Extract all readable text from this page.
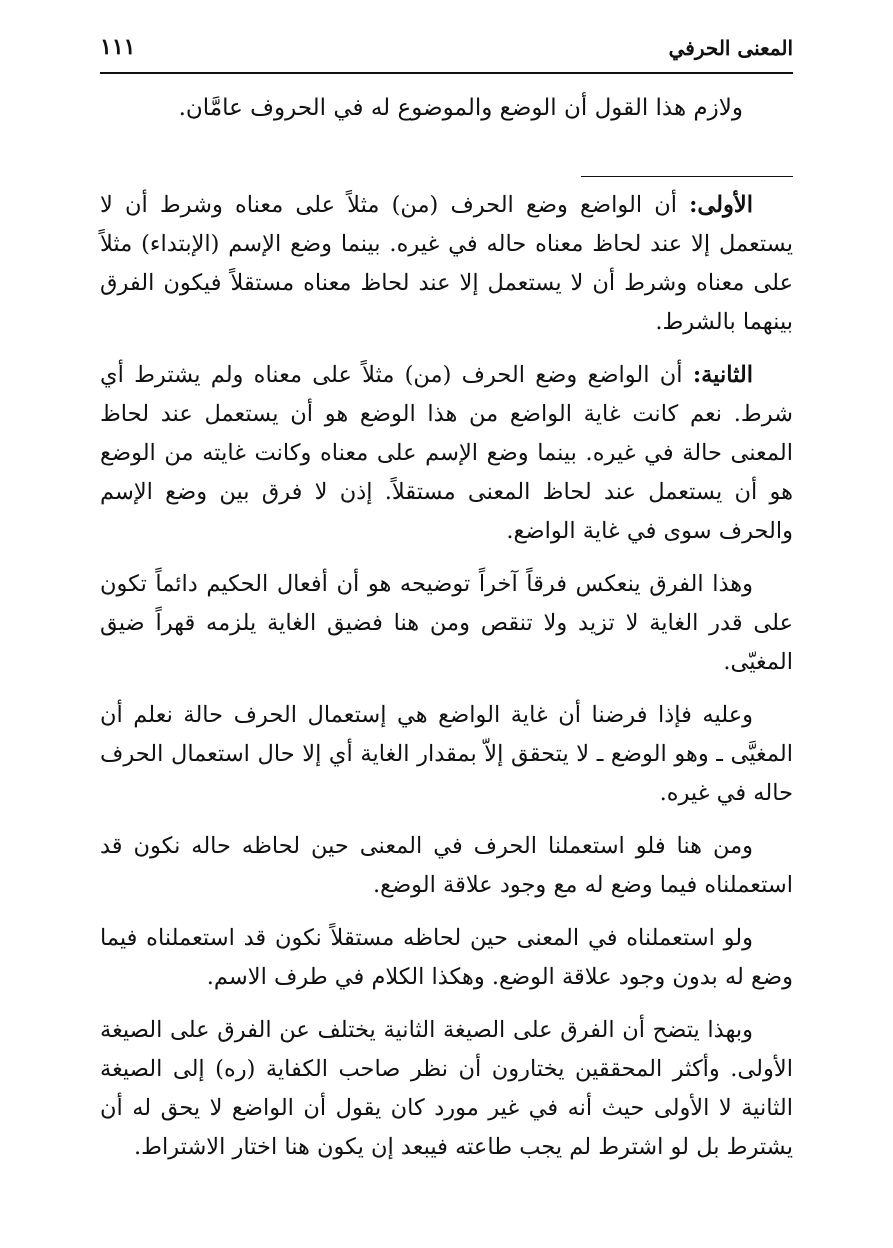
المعنى الحرفي
١١١
ولازم هذا القول أن الوضع والموضوع له في الحروف عامَّان.

الأولى: أن الواضع وضع الحرف (من) مثلاً على معناه وشرط أن لا يستعمل إلا عند لحاظ معناه حاله في غيره. بينما وضع الإسم (الإبتداء) مثلاً على معناه وشرط أن لا يستعمل إلا عند لحاظ معناه مستقلاً فيكون الفرق بينهما بالشرط.

الثانية: أن الواضع وضع الحرف (من) مثلاً على معناه ولم يشترط أي شرط. نعم كانت غاية الواضع من هذا الوضع هو أن يستعمل عند لحاظ المعنى حالة في غيره. بينما وضع الإسم على معناه وكانت غايته من الوضع هو أن يستعمل عند لحاظ المعنى مستقلاً. إذن لا فرق بين وضع الإسم والحرف سوى في غاية الواضع.

وهذا الفرق ينعكس فرقاً آخراً توضيحه هو أن أفعال الحكيم دائماً تكون على قدر الغاية لا تزيد ولا تنقص ومن هنا فضيق الغاية يلزمه قهراً ضيق المغيّى.

وعليه فإذا فرضنا أن غاية الواضع هي إستعمال الحرف حالة نعلم أن المغيَّى ـ وهو الوضع ـ لا يتحقق إلاّ بمقدار الغاية أي إلا حال استعمال الحرف حاله في غيره.

ومن هنا فلو استعملنا الحرف في المعنى حين لحاظه حاله نكون قد استعملناه فيما وضع له مع وجود علاقة الوضع.

ولو استعملناه في المعنى حين لحاظه مستقلاً نكون قد استعملناه فيما وضع له بدون وجود علاقة الوضع. وهكذا الكلام في طرف الاسم.

وبهذا يتضح أن الفرق على الصيغة الثانية يختلف عن الفرق على الصيغة الأولى. وأكثر المحققين يختارون أن نظر صاحب الكفاية (ره) إلى الصيغة الثانية لا الأولى حيث أنه في غير مورد كان يقول أن الواضع لا يحق له أن يشترط بل لو اشترط لم يجب طاعته فيبعد إن يكون هنا اختار الاشتراط.
